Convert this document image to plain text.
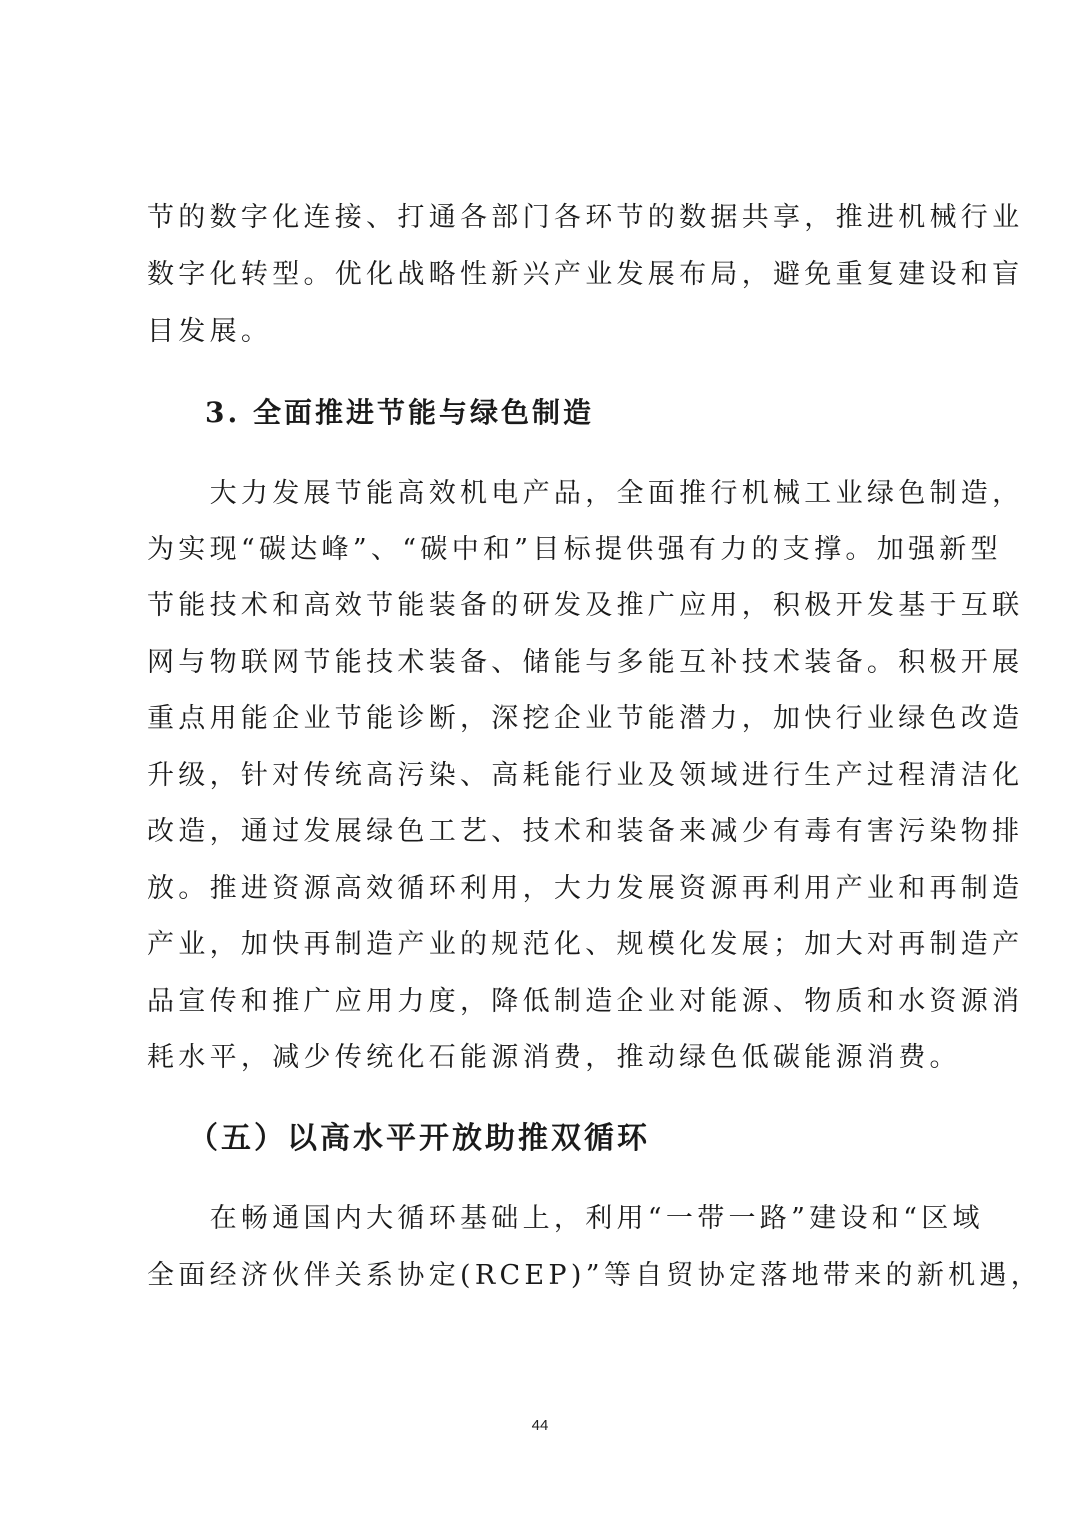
节的数字化连接、打通各部门各环节的数据共享，推进机械行业
数字化转型。优化战略性新兴产业发展布局，避免重复建设和盲
目发展。
3. 全面推进节能与绿色制造
　　大力发展节能高效机电产品，全面推行机械工业绿色制造，
为实现“碳达峰”、“碳中和”目标提供强有力的支撑。加强新型
节能技术和高效节能装备的研发及推广应用，积极开发基于互联
网与物联网节能技术装备、储能与多能互补技术装备。积极开展
重点用能企业节能诊断，深挖企业节能潜力，加快行业绿色改造
升级，针对传统高污染、高耗能行业及领域进行生产过程清洁化
改造，通过发展绿色工艺、技术和装备来减少有毒有害污染物排
放。推进资源高效循环利用，大力发展资源再利用产业和再制造
产业，加快再制造产业的规范化、规模化发展；加大对再制造产
品宣传和推广应用力度，降低制造企业对能源、物质和水资源消
耗水平，减少传统化石能源消费，推动绿色低碳能源消费。
（五）以高水平开放助推双循环
　　在畅通国内大循环基础上，利用“一带一路”建设和“区域
全面经济伙伴关系协定(RCEP)”等自贸协定落地带来的新机遇，
44
